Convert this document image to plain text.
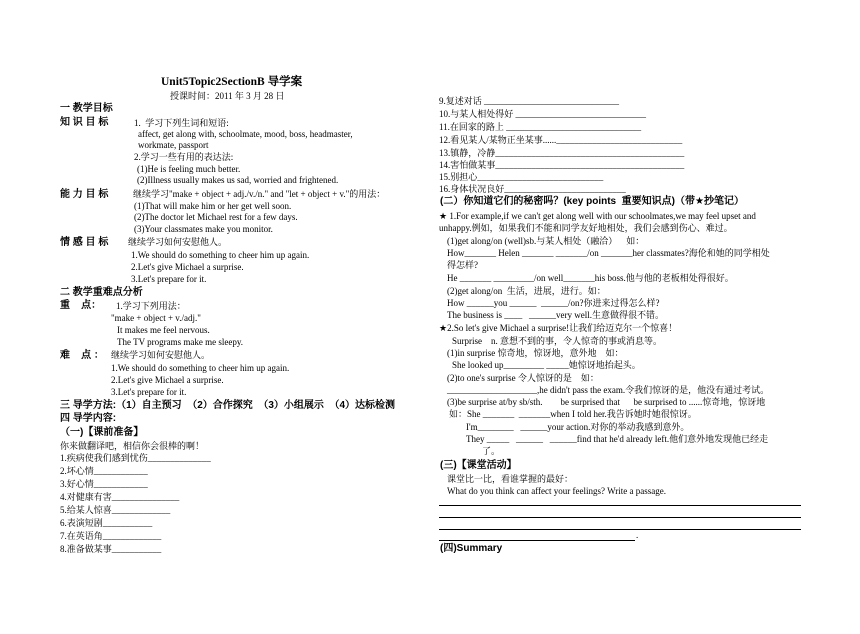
Unit5Topic2SectionB 导学案
授课时间：2011 年 3 月 28 日
一 教学目标
知 识 目 标	1.  学习下列生词和短语:
affect, get along with, schoolmate, mood, boss, headmaster,
workmate, passport
2.学习一些有用的表达法:
(1)He is feeling much better.
(2)Illness usually makes us sad, worried and frightened.
能 力 目 标	继续学习"make + object + adj./v./n." and "let + object + v."的用法：
(1)That will make him or her get well soon.
(2)The doctor let Michael rest for a few days.
(3)Your classmates make you monitor.
情 感 目 标 继续学习如何安慰他人。
1.We should do something to cheer him up again.
2.Let's give Michael a surprise.
3.Let's prepare for it.
二 教学重难点分析
重    点： 1.学习下列用法：
"make + object + v./adj."
It makes me feel nervous.
The TV programs make me sleepy.
难    点 ： 继续学习如何安慰他人。
1.We should do something to cheer him up again.
2.Let's give Michael a surprise.
3.Let's prepare for it.
三 导学方法:（1）自主预习  （2）合作探究  （3）小组展示  （4）达标检测
四 导学内容:
（一)【课前准备】
你来做翻译吧，相信你会很棒的啊！
1.疾病使我们感到忧伤______________
2.坏心情____________
3.好心情____________
4.对健康有害_______________
5.给某人惊喜_____________
6.表演短剧___________
7.在英语角_____________
8.准备做某事___________
9.复述对话 ______________________________
10.与某人相处得好 _____________________________
11.在回家的路上 ______________________________
12.看见某人/某物正坐某事......____________________________
13.镇静，冷静__________________________________________
14.害怕做某事__________________________________________
15.别担心____________________________
16.身体状况良好___________________________
(二）你知道它们的秘密吗？(key points  重要知识点)（带★抄笔记）
★ 1.For example,if we can't get along well with our schoolmates,we may feel upset and
unhappy.例如，如果我们不能和同学友好地相处，我们会感到伤心、难过。
(1)get along/on (well)sb.与某人相处（融洽）    如：
How_______ Helen _______ _______/on _______her classmates?海伦和她的同学相处
得怎样?
He _______ _________/on well_______his boss.他与他的老板相处得很好。
(2)get along/on  生活，进展，进行。如：
How ______you ______  ______/on?你进来过得怎么样?
The business is ____   ______very well.生意做得很不错。
★2.So let's give Michael a surprise!让我们给迈克尔一个惊喜！
Surprise    n. 意想不到的事，令人惊奇的事或消息等。
(1)in surprise 惊奇地，惊讶地，意外地    如：
She looked up_________ _____她惊讶地抬起头。
(2)to one's surprise 令人惊讶的是    如：
____________________,he didn't pass the exam.令我们惊讶的是，他没有通过考试。
(3)be surprise at/by sb/sth.        be surprised that      be surprised to ......惊奇地，惊讶地
如：She _______  _______when I told her.我告诉她时她很惊讶。
I'm________   ______your action.对你的举动我感到意外。
They _____   ______   ______find that he'd already left.他们意外地发现他已经走
了。
(三)【课堂活动】
课堂比一比，看谁掌握的最好：
What do you think can affect your feelings? Write a passage.
.
(四)Summary
